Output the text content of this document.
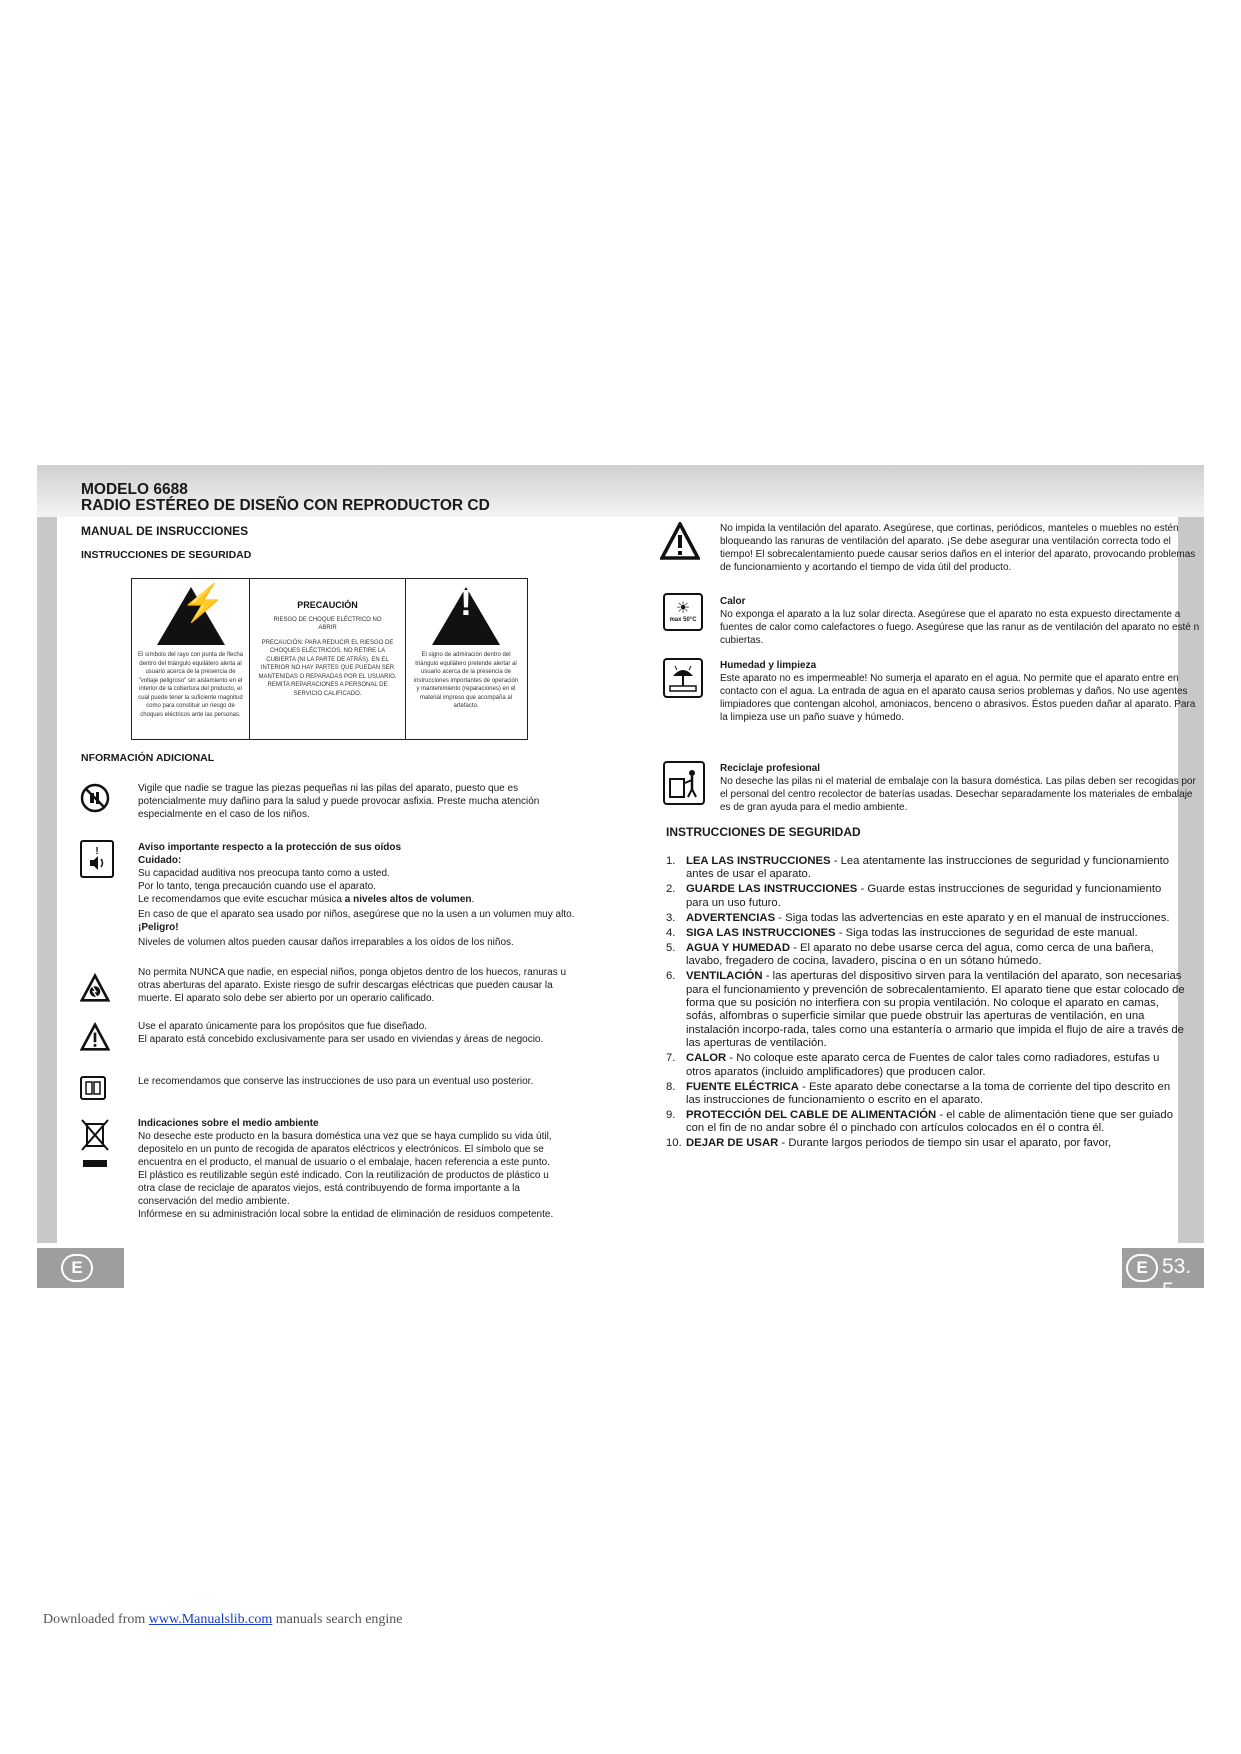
MODELO 6688
RADIO ESTÉREO DE DISEÑO CON REPRODUCTOR CD
MANUAL DE INSRUCCIONES
INSTRUCCIONES DE SEGURIDAD
⚡
El símbolo del rayo con punta de flecha dentro del triángulo equilátero alerta al usuario acerca de la presencia de "voltaje peligroso" sin aislamiento en el interior de la cobertura del producto, el cual puede tener la suficiente magnitud como para constituir un riesgo de choques eléctricos ante las personas.
PRECAUCIÓN
RIESGO DE CHOQUE ELÉCTRICO NO ABRIR
PRECAUCIÓN: PARA REDUCIR EL RIESGO DE CHOQUES ELÉCTRICOS, NO RETIRE LA CUBIERTA (NI LA PARTE DE ATRÁS). EN EL INTERIOR NO HAY PARTES QUE PUEDAN SER MANTENIDAS O REPARADAS POR EL USUARIO. REMITA REPARACIONES A PERSONAL DE SERVICIO CALIFICADO.
!
El signo de admiración dentro del triángulo equilátero pretende alertar al usuario acerca de la presencia de instrucciones importantes de operación y mantenimiento (reparaciones) en el material impreso que acompaña al artefacto.
NFORMACIÓN ADICIONAL
Vigile que nadie se trague las piezas pequeñas ni las pilas del aparato, puesto que es potencialmente muy dañino para la salud y puede provocar asfixia. Preste mucha atención especialmente en el caso de los niños.
!	Aviso importante respecto a la protección de sus oídos
Cuidado:
Su capacidad auditiva nos preocupa tanto como a usted.
Por lo tanto, tenga precaución cuando use el aparato.
Le recomendamos que evite escuchar música a niveles altos de volumen.
En caso de que el aparato sea usado por niños, asegúrese que no la usen a un volumen muy alto.
¡Peligro!
Niveles de volumen altos pueden causar daños irreparables a los oídos de los niños.
No permita NUNCA que nadie, en especial niños, ponga objetos dentro de los huecos, ranuras u otras aberturas del aparato. Existe riesgo de sufrir descargas eléctricas que pueden causar la muerte. El aparato solo debe ser abierto por un operario calificado.
Use el aparato únicamente para los propósitos que fue diseñado.
El aparato está concebido exclusivamente para ser usado en viviendas y áreas de negocio.
Le recomendamos que conserve las instrucciones de uso para un eventual uso posterior.
Indicaciones sobre el medio ambiente
No deseche este producto en la basura doméstica una vez que se haya cumplido su vida útil, depositelo en un punto de recogida de aparatos eléctricos y electrónicos. El símbolo que se encuentra en el producto, el manual de usuario o el embalaje, hacen referencia a este punto.
El plástico es reutilizable según esté indicado. Con la reutilización de productos de plástico u otra clase de reciclaje de aparatos viejos, está contribuyendo de forma importante a la conservación del medio ambiente.
Infórmese en su administración local sobre la entidad de eliminación de residuos competente.
No impida la ventilación del aparato. Asegúrese, que cortinas, periódicos, manteles o muebles no estén bloqueando las ranuras de ventilación del aparato. ¡Se debe asegurar una ventilación correcta todo el tiempo! El sobrecalentamiento puede causar serios daños en el interior del aparato, provocando problemas de funcionamiento y acortando el tiempo de vida útil del producto.
☀
max 50°C
Calor
No exponga el aparato a la luz solar directa. Asegúrese que el aparato no esta expuesto directamente a fuentes de calor como calefactores o fuego. Asegúrese que las ranur as de ventilación del aparato no esté n cubiertas.
Humedad y limpieza
Este aparato no es impermeable! No sumerja el aparato en el agua. No permite que el aparato entre en contacto con el agua. La entrada de agua en el aparato causa serios problemas y daños. No use agentes limpiadores que contengan alcohol, amoniacos, benceno o abrasivos. Éstos pueden dañar al aparato. Para la limpieza use un paño suave y húmedo.
Reciclaje profesional
No deseche las pilas ni el material de embalaje con la basura doméstica. Las pilas deben ser recogidas por el personal del centro recolector de baterías usadas. Desechar separadamente los materiales de embalaje es de gran ayuda para el medio ambiente.
INSTRUCCIONES DE SEGURIDAD
1. LEA LAS INSTRUCCIONES - Lea atentamente las instrucciones de seguridad y funcionamiento antes de usar el aparato.
2. GUARDE LAS INSTRUCCIONES - Guarde estas instrucciones de seguridad y funcionamiento para un uso futuro.
3. ADVERTENCIAS - Siga todas las advertencias en este aparato y en el manual de instrucciones.
4. SIGA LAS INSTRUCCIONES - Siga todas las instrucciones de seguridad de este manual.
5. AGUA Y HUMEDAD - El aparato no debe usarse cerca del agua, como cerca de una bañera, lavabo, fregadero de cocina, lavadero, piscina o en un sótano húmedo.
6. VENTILACIÓN - las aperturas del dispositivo sirven para la ventilación del aparato, son necesarias para el funcionamiento y prevención de sobrecalentamiento. El aparato tiene que estar colocado de forma que su posición no interfiera con su propia ventilación. No coloque el aparato en camas, sofás, alfombras o superficie similar que puede obstruir las aperturas de ventilación, en una instalación incorpo-rada, tales como una estantería o armario que impida el flujo de aire a través de las aperturas de ventilación.
7. CALOR - No coloque este aparato cerca de Fuentes de calor tales como radiadores, estufas u otros aparatos (incluido amplificadores) que producen calor.
8. FUENTE ELÉCTRICA - Este aparato debe conectarse a la toma de corriente del tipo descrito en las instrucciones de funcionamiento o escrito en el aparato.
9. PROTECCIÓN DEL CABLE DE ALIMENTACIÓN - el cable de alimentación tiene que ser guiado con el fin de no andar sobre él o pinchado con artículos colocados en él o contra él.
10. DEJAR DE USAR - Durante largos periodos de tiempo sin usar el aparato, por favor,
E	E 53. 5
Downloaded from www.Manualslib.com manuals search engine
